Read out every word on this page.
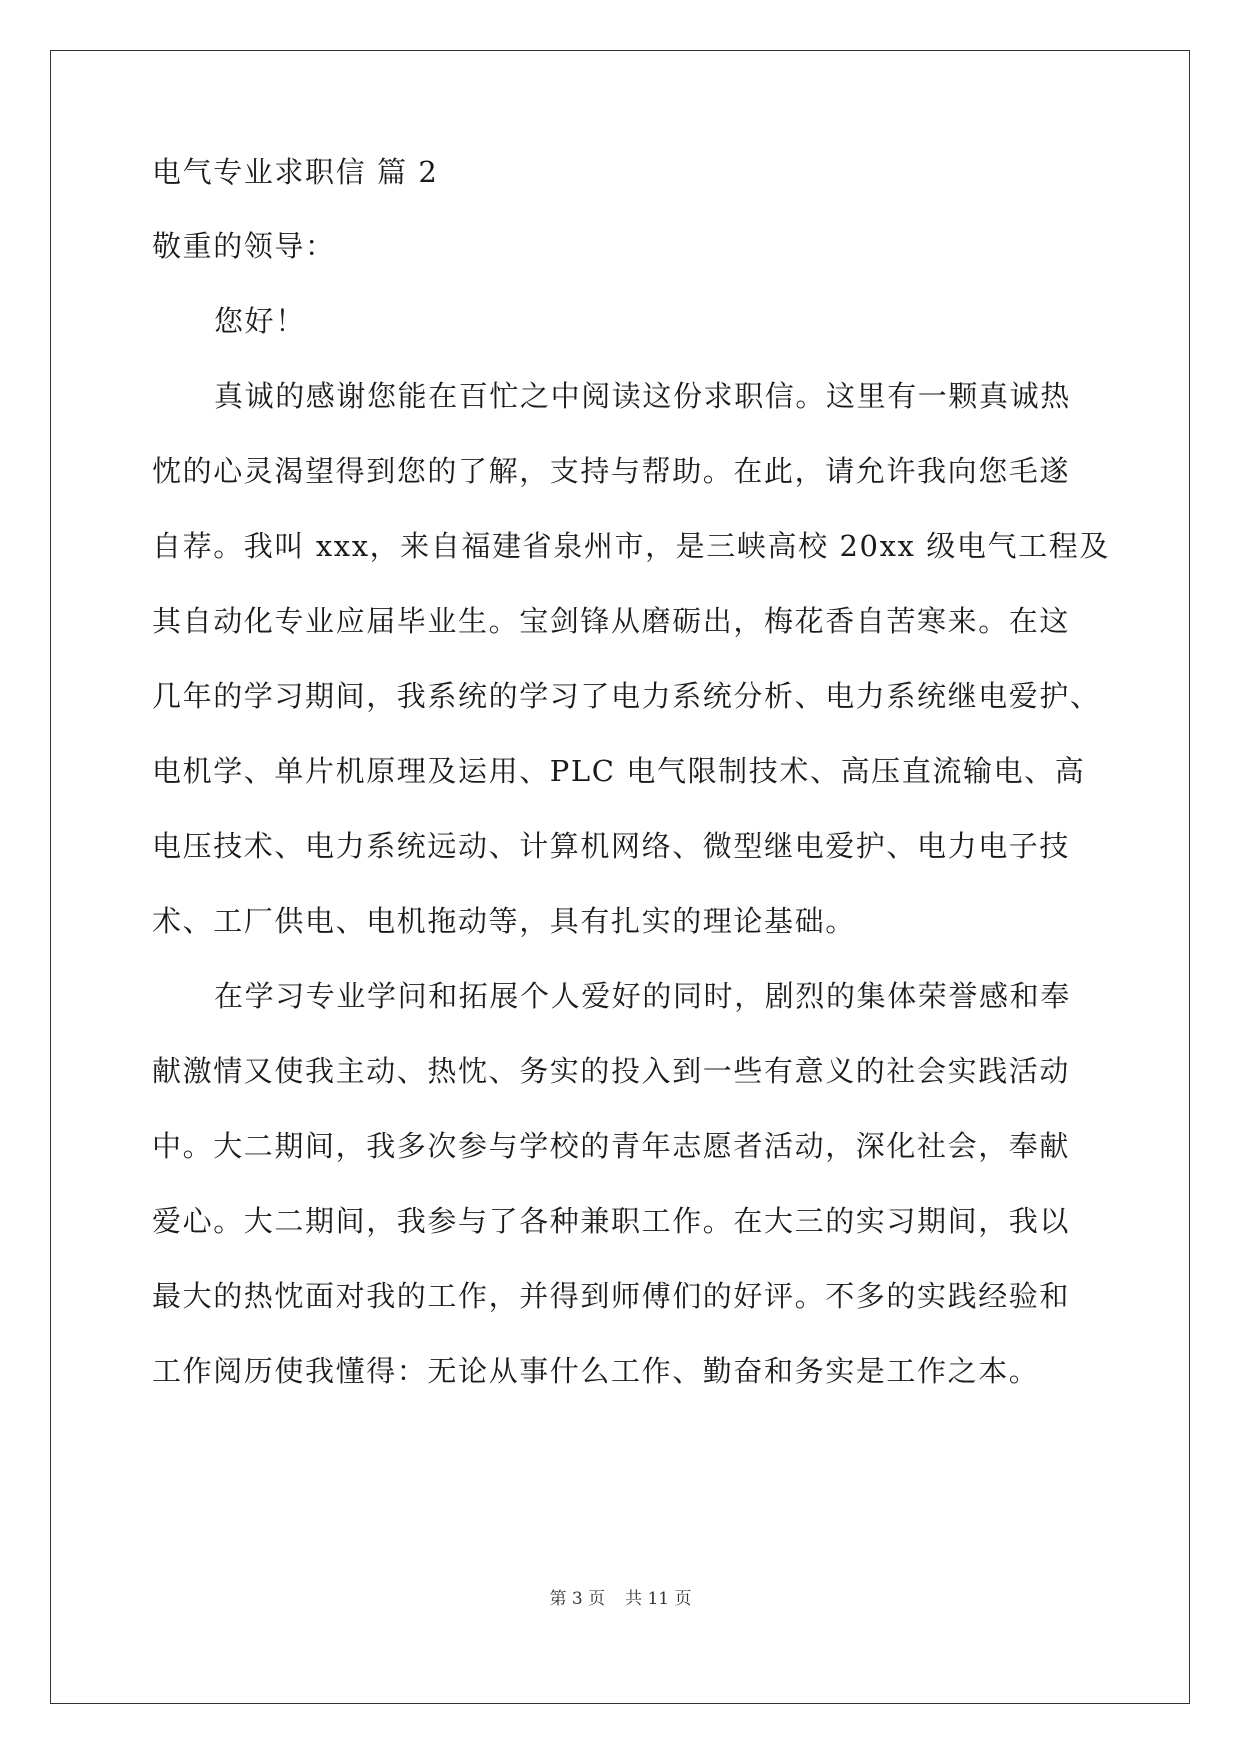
电气专业求职信 篇 2
敬重的领导：
您好！
真诚的感谢您能在百忙之中阅读这份求职信。这里有一颗真诚热
忱的心灵渴望得到您的了解，支持与帮助。在此，请允许我向您毛遂
自荐。我叫 xxx，来自福建省泉州市，是三峡高校 20xx 级电气工程及
其自动化专业应届毕业生。宝剑锋从磨砺出，梅花香自苦寒来。在这
几年的学习期间，我系统的学习了电力系统分析、电力系统继电爱护、
电机学、单片机原理及运用、PLC 电气限制技术、高压直流输电、高
电压技术、电力系统远动、计算机网络、微型继电爱护、电力电子技
术、工厂供电、电机拖动等，具有扎实的理论基础。
在学习专业学问和拓展个人爱好的同时，剧烈的集体荣誉感和奉
献激情又使我主动、热忱、务实的投入到一些有意义的社会实践活动
中。大二期间，我多次参与学校的青年志愿者活动，深化社会，奉献
爱心。大二期间，我参与了各种兼职工作。在大三的实习期间，我以
最大的热忱面对我的工作，并得到师傅们的好评。不多的实践经验和
工作阅历使我懂得：无论从事什么工作、勤奋和务实是工作之本。
第 3 页 共 11 页
